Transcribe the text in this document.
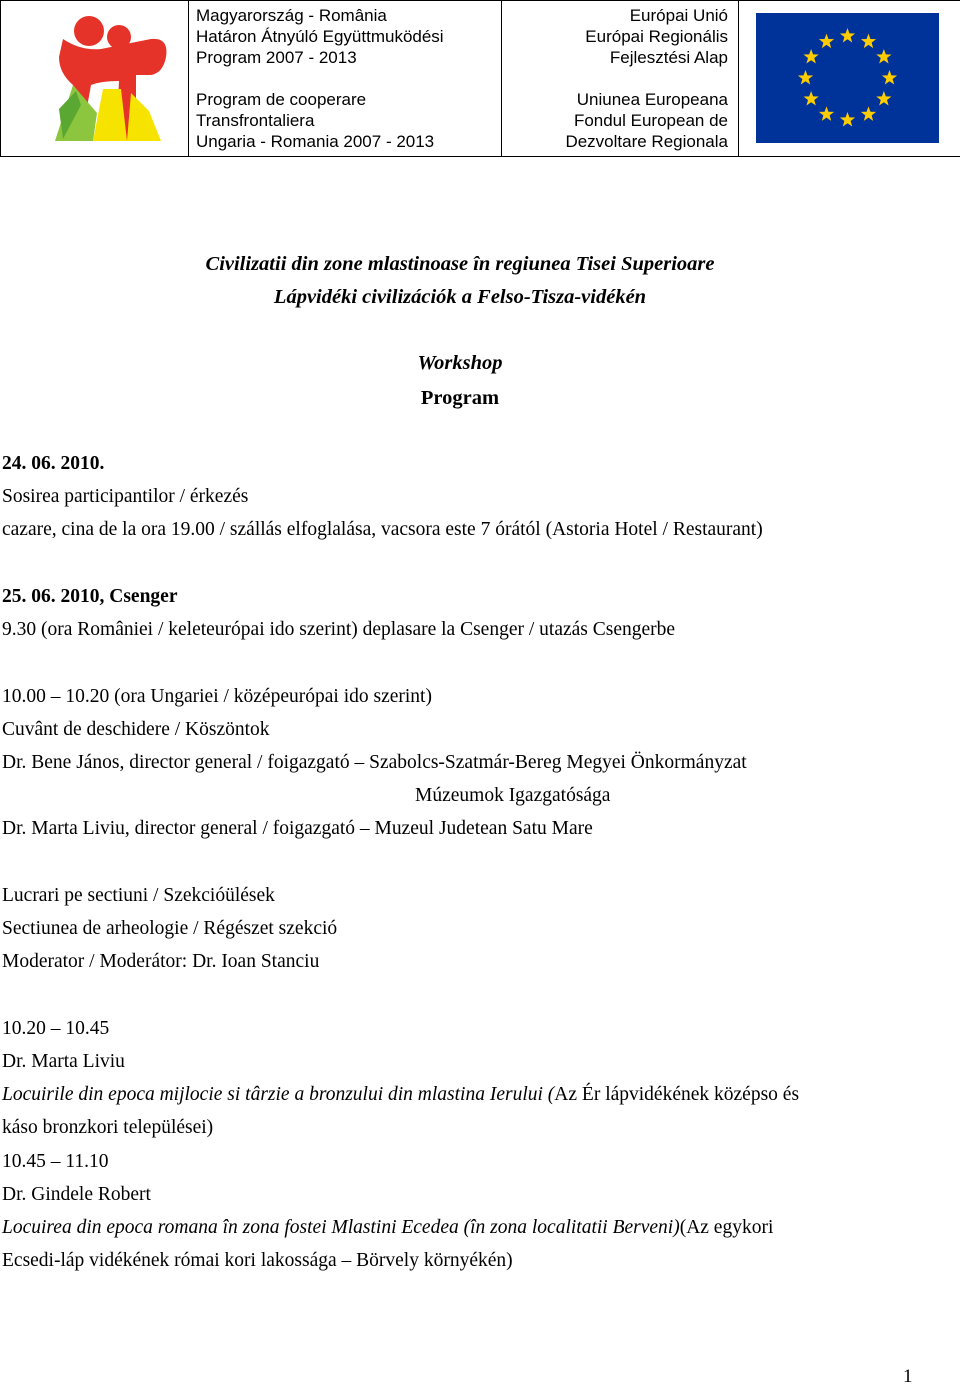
Magyarország - România
Határon Átnyúló Együttmuködési
Program 2007 - 2013
Program de cooperare
Transfrontaliera
Ungaria - Romania 2007 - 2013

Európai Unió
Európai Regionális
Fejlesztési Alap
Uniunea Europeana
Fondul European de
Dezvoltare Regionala

Civilizatii din zone mlastinoase în regiunea Tisei Superioare
Lápvidéki civilizációk a Felso-Tisza-vidékén
Workshop
Program
24. 06. 2010.
Sosirea participantilor / érkezés
cazare, cina de la ora 19.00 / szállás elfoglalása, vacsora este 7 órától (Astoria Hotel / Restaurant)
25. 06. 2010, Csenger
9.30 (ora României / keleteurópai ido szerint) deplasare la Csenger / utazás Csengerbe
10.00 – 10.20 (ora Ungariei / középeurópai ido szerint)
Cuvânt de deschidere / Köszöntok
Dr. Bene János, director general / foigazgató – Szabolcs-Szatmár-Bereg Megyei Önkormányzat
Múzeumok Igazgatósága
Dr. Marta Liviu, director general / foigazgató – Muzeul Judetean Satu Mare
Lucrari pe sectiuni / Szekcióülések
Sectiunea de arheologie / Régészet szekció
Moderator / Moderátor: Dr. Ioan Stanciu
10.20 – 10.45
Dr. Marta Liviu
Locuirile din epoca mijlocie si târzie a bronzului din mlastina Ierului (Az Ér lápvidékének középso és
káso bronzkori települései)
10.45 – 11.10
Dr. Gindele Robert
Locuirea din epoca romana în zona fostei Mlastini Ecedea (în zona localitatii Berveni)(Az egykori
Ecsedi-láp vidékének római kori lakossága – Börvely környékén)
1
